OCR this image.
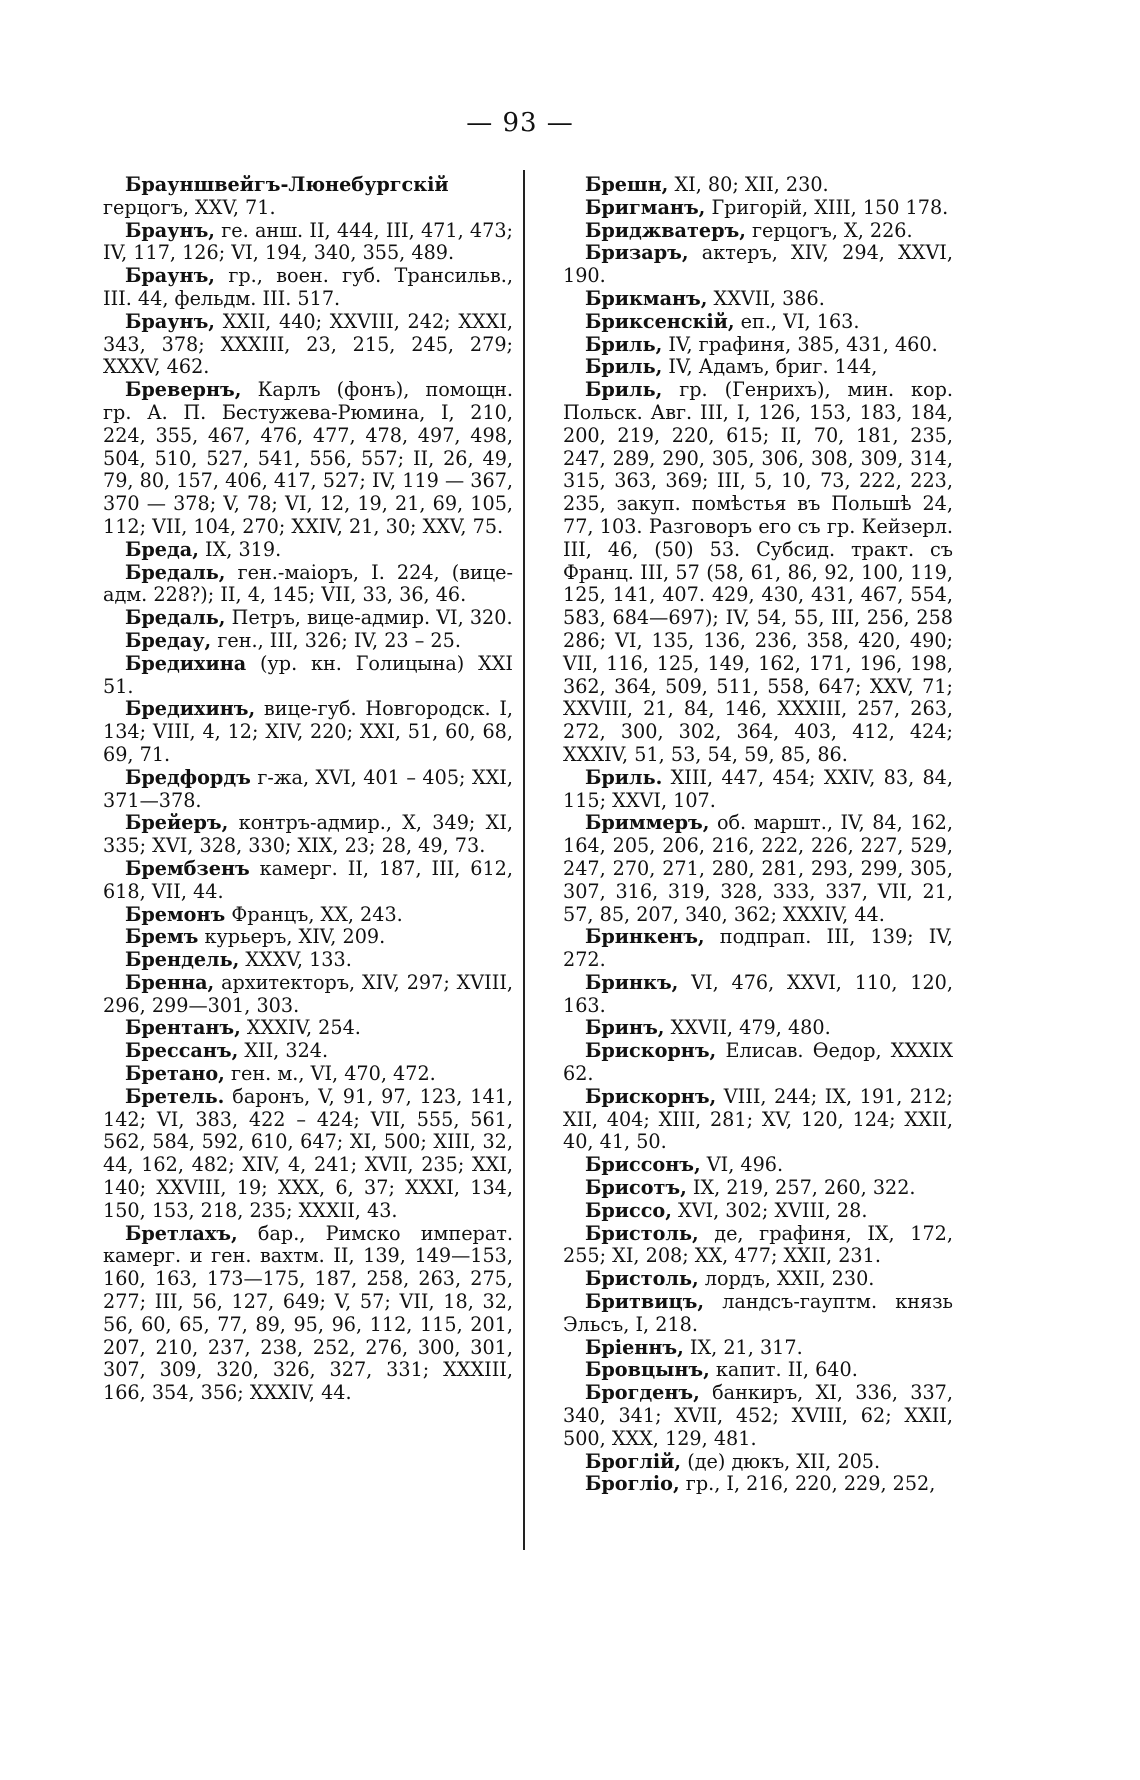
— 93 —

Брауншвейгъ-Люнебургскій герцогъ, XXV, 71.

Браунъ, ге. анш. II, 444, III, 471, 473; IV, 117, 126; VI, 194, 340, 355, 489.

Браунъ, гр., воен. губ. Трансильв., III. 44, фельдм. III. 517.

Браунъ, XXII, 440; XXVIII, 242; XXXI, 343, 378; XXXIII, 23, 215, 245, 279; XXXV, 462.

Бревернъ, Карлъ (фонъ), помощн. гр. А. П. Бестужева-Рюмина, I, 210, 224, 355, 467, 476, 477, 478, 497, 498, 504, 510, 527, 541, 556, 557; II, 26, 49, 79, 80, 157, 406, 417, 527; IV, 119 — 367, 370 — 378; V, 78; VI, 12, 19, 21, 69, 105, 112; VII, 104, 270; XXIV, 21, 30; XXV, 75.

Бреда, IX, 319.

Бредаль, ген.-маіоръ, I. 224, (вице-адм. 228?); II, 4, 145; VII, 33, 36, 46.

Бредаль, Петръ, вице-адмир. VI, 320.

Бредау, ген., III, 326; IV, 23 – 25.

Бредихина (ур. кн. Голицына) XXI 51.

Бредихинъ, вице-губ. Новгородск. I, 134; VIII, 4, 12; XIV, 220; XXI, 51, 60, 68, 69, 71.

Бредфордъ г-жа, XVI, 401 – 405; XXI, 371—378.

Брейеръ, контръ-адмир., X, 349; XI, 335; XVI, 328, 330; XIX, 23; 28, 49, 73.

Брембзенъ камерг. II, 187, III, 612, 618, VII, 44.

Бремонъ Францъ, XX, 243.

Бремъ курьеръ, XIV, 209.

Брендель, XXXV, 133.

Бренна, архитекторъ, XIV, 297; XVIII, 296, 299—301, 303.

Брентанъ, XXXIV, 254.

Брессанъ, XII, 324.

Бретано, ген. м., VI, 470, 472.

Бретель. баронъ, V, 91, 97, 123, 141, 142; VI, 383, 422 – 424; VII, 555, 561, 562, 584, 592, 610, 647; XI, 500; XIII, 32, 44, 162, 482; XIV, 4, 241; XVII, 235; XXI, 140; XXVIII, 19; XXX, 6, 37; XXXI, 134, 150, 153, 218, 235; XXXII, 43.

Бретлахъ, бар., Римско императ. камерг. и ген. вахтм. II, 139, 149—153, 160, 163, 173—175, 187, 258, 263, 275, 277; III, 56, 127, 649; V, 57; VII, 18, 32, 56, 60, 65, 77, 89, 95, 96, 112, 115, 201, 207, 210, 237, 238, 252, 276, 300, 301, 307, 309, 320, 326, 327, 331; XXXIII, 166, 354, 356; XXXIV, 44.

Брешн, XI, 80; XII, 230.

Бригманъ, Григорій, XIII, 150 178.

Бриджватеръ, герцогъ, X, 226.

Бризаръ, актеръ, XIV, 294, XXVI, 190.

Брикманъ, XXVII, 386.

Бриксенскій, еп., VI, 163.

Бриль, IV, графиня, 385, 431, 460.

Бриль, IV, Адамъ, бриг. 144,

Бриль, гр. (Генрихъ), мин. кор. Польск. Авг. III, I, 126, 153, 183, 184, 200, 219, 220, 615; II, 70, 181, 235, 247, 289, 290, 305, 306, 308, 309, 314, 315, 363, 369; III, 5, 10, 73, 222, 223, 235, закуп. помѣстья въ Польшѣ 24, 77, 103. Разговоръ его съ гр. Кейзерл. III, 46, (50) 53. Субсид. тракт. съ Франц. III, 57 (58, 61, 86, 92, 100, 119, 125, 141, 407. 429, 430, 431, 467, 554, 583, 684—697); IV, 54, 55, III, 256, 258 286; VI, 135, 136, 236, 358, 420, 490; VII, 116, 125, 149, 162, 171, 196, 198, 362, 364, 509, 511, 558, 647; XXV, 71; XXVIII, 21, 84, 146, XXXIII, 257, 263, 272, 300, 302, 364, 403, 412, 424; XXXIV, 51, 53, 54, 59, 85, 86.

Бриль. XIII, 447, 454; XXIV, 83, 84, 115; XXVI, 107.

Бриммеръ, об. маршт., IV, 84, 162, 164, 205, 206, 216, 222, 226, 227, 529, 247, 270, 271, 280, 281, 293, 299, 305, 307, 316, 319, 328, 333, 337, VII, 21, 57, 85, 207, 340, 362; XXXIV, 44.

Бринкенъ, подпрап. III, 139; IV, 272.

Бринкъ, VI, 476, XXVI, 110, 120, 163.

Бринъ, XXVII, 479, 480.

Брискорнъ, Елисав. Өедор, XXXIX 62.

Брискорнъ, VIII, 244; IX, 191, 212; XII, 404; XIII, 281; XV, 120, 124; XXII, 40, 41, 50.

Бриссонъ, VI, 496.

Брисотъ, IX, 219, 257, 260, 322.

Бриссо, XVI, 302; XVIII, 28.

Бристоль, де, графиня, IX, 172, 255; XI, 208; XX, 477; XXII, 231.

Бристоль, лордъ, XXII, 230.

Бритвицъ, ландсъ-гауптм. князь Эльсъ, I, 218.

Бріеннъ, IX, 21, 317.

Бровцынъ, капит. II, 640.

Брогденъ, банкиръ, XI, 336, 337, 340, 341; XVII, 452; XVIII, 62; XXII, 500, XXX, 129, 481.

Броглій, (де) дюкъ, XII, 205.

Брогліо, гр., I, 216, 220, 229, 252,
